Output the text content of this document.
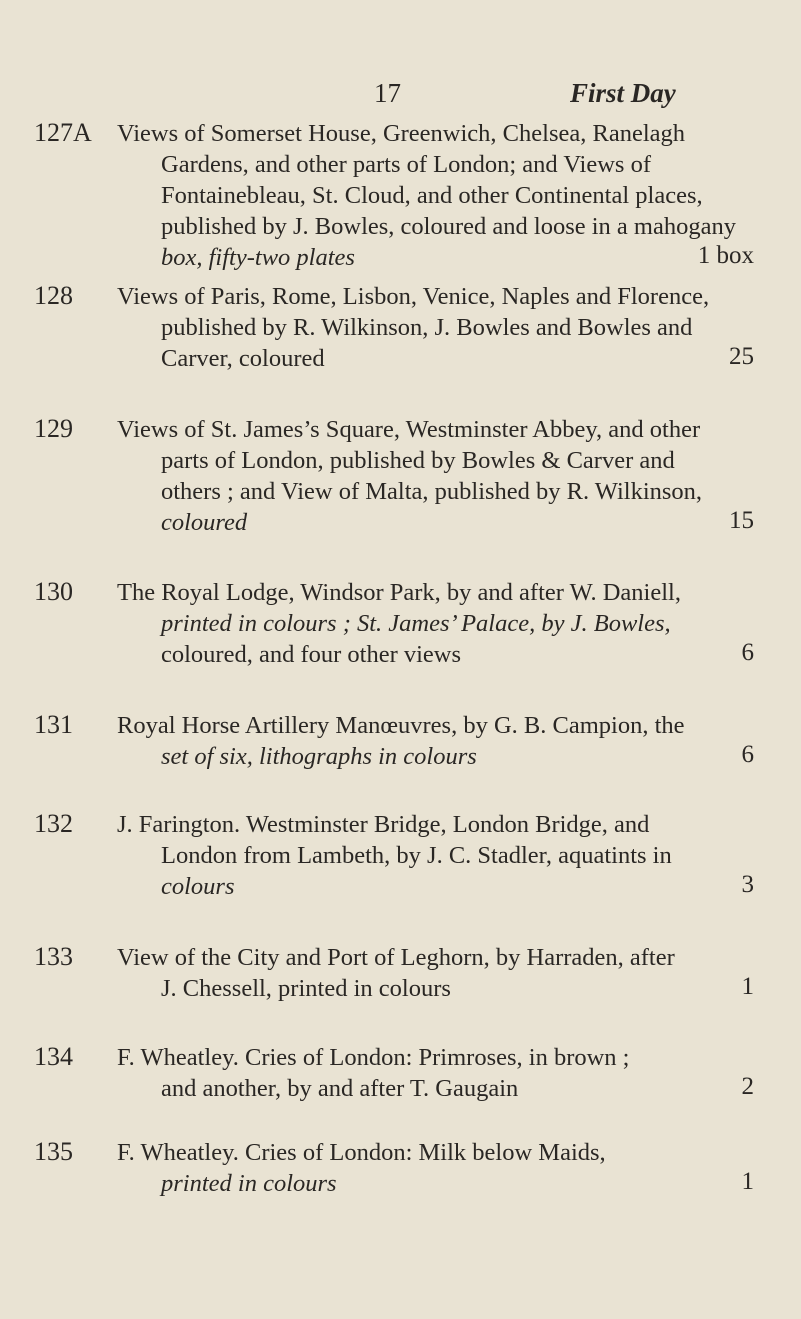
17	First Day
127A Views of Somerset House, Greenwich, Chelsea, Ranelagh
Gardens, and other parts of London; and Views of
Fontainebleau, St. Cloud, and other Continental places,
published by J. Bowles, coloured and loose in a mahogany
box, fifty-two plates	1 box
128 Views of Paris, Rome, Lisbon, Venice, Naples and Florence,
published by R. Wilkinson, J. Bowles and Bowles and
Carver, coloured	25
129 Views of St. James’s Square, Westminster Abbey, and other
parts of London, published by Bowles & Carver and
others ; and View of Malta, published by R. Wilkinson,
coloured	15
130 The Royal Lodge, Windsor Park, by and after W. Daniell,
printed in colours ; St. James’ Palace, by J. Bowles,
coloured, and four other views	6
131 Royal Horse Artillery Manœuvres, by G. B. Campion, the
set of six, lithographs in colours	6
132 J. Farington. Westminster Bridge, London Bridge, and
London from Lambeth, by J. C. Stadler, aquatints in
colours	3
133 View of the City and Port of Leghorn, by Harraden, after
J. Chessell, printed in colours	1
134 F. Wheatley. Cries of London: Primroses, in brown ;
and another, by and after T. Gaugain	2
135 F. Wheatley. Cries of London: Milk below Maids,
printed in colours	1
